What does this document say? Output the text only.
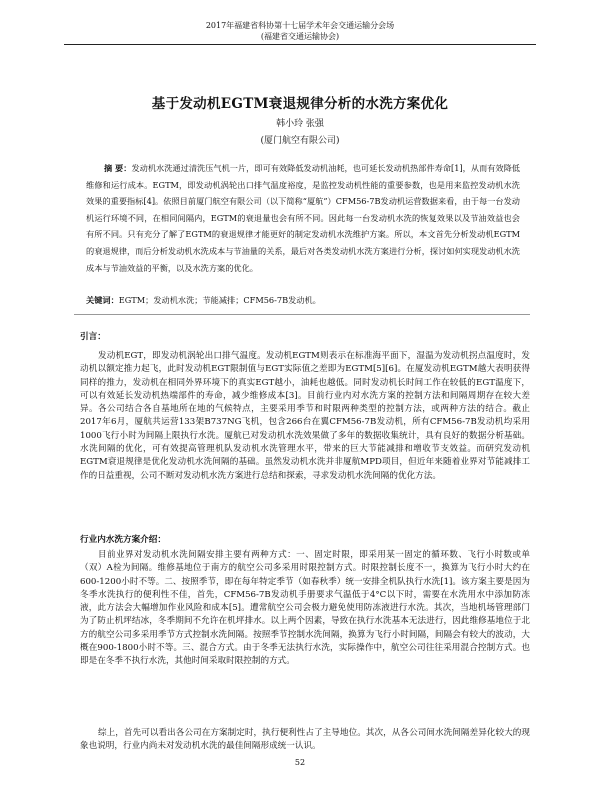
2017年福建省科协第十七届学术年会交通运输分会场
(福建省交通运输协会)
基于发动机EGTM衰退规律分析的水洗方案优化
韩小玲 张强
(厦门航空有限公司)
摘 要：发动机水洗通过清洗压气机一片，即可有效降低发动机油耗，也可延长发动机热部件寿命[1]，从而有效降低维修和运行成本。EGTM，即发动机涡轮出口排气温度裕度，是监控发动机性能的重要参数，也是用来监控发动机水洗效果的重要指标[4]。依照目前厦门航空有限公司（以下简称“厦航”）CFM56-7B发动机运营数据来看，由于每一台发动机运行环境不同，在相同间隔内，EGTM的衰退量也会有所不同。因此每一台发动机水洗的恢复效果以及节油效益也会有所不同。只有充分了解了EGTM的衰退规律才能更好的制定发动机水洗维护方案。所以，本文首先分析发动机EGTM的衰退规律，而后分析发动机水洗成本与节油量的关系，最后对各类发动机水洗方案进行分析，探讨如何实现发动机水洗成本与节油效益的平衡，以及水洗方案的优化。
关键词：EGTM；发动机水洗；节能减排；CFM56-7B发动机。
引言：
发动机EGT，即发动机涡轮出口排气温度。发动机EGTM则表示在标准海平面下，湿温为发动机拐点温度时，发动机以额定推力起飞，此时发动机EGT限制值与EGT实际值之差即为EGTM[5][6]。在厦发动机EGTM越大表明获得同样的推力，发动机在相同外界环境下的真实EGT越小，油耗也越低。同时发动机长时间工作在较低的EGT温度下，可以有效延长发动机热端部件的寿命，减少维修成本[3]。目前行业内对水洗方案的控制方法和间隔周期存在较大差异。各公司结合各自基地所在地的气候特点，主要采用季节和时限两种类型的控制方法，或两种方法的结合。截止2017年6月，厦航共运营133架B737NG飞机，包含266台在翼CFM56-7B发动机，所有CFM56-7B发动机均采用1000飞行小时为间隔上限执行水洗。厦航已对发动机水洗效果做了多年的数据收集统计，具有良好的数据分析基础。水洗间隔的优化，可有效提高管理机队发动机水洗管理水平，带来的巨大节能减排和增收节支效益。而研究发动机EGTM衰退规律是优化发动机水洗间隔的基础。虽然发动机水洗并非厦航MPD项目，但近年来随着业界对节能减排工作的日益重视，公司不断对发动机水洗方案进行总结和探索，寻求发动机水洗间隔的优化方法。
行业内水洗方案介绍：
目前业界对发动机水洗间隔安排主要有两种方式：一、固定时限，即采用某一固定的循环数、飞行小时数或单（双）A检为间隔。维修基地位于南方的航空公司多采用时限控制方式。时限控制长度不一，换算为飞行小时大约在600-1200小时不等。二、按照季节，即在每年特定季节（如春秋季）统一安排全机队执行水洗[1]。该方案主要是因为冬季水洗执行的便利性不佳，首先，CFM56-7B发动机手册要求气温低于4°C以下时，需要在水洗用水中添加防冻液，此方法会大幅增加作业风险和成本[5]。遭常航空公司会极力避免使用防冻液进行水洗。其次，当地机场管理部门为了防止机坪结冰，冬季期间不允许在机坪排水。以上两个因素，导致在执行水洗基本无法进行，因此维修基地位于北方的航空公司多采用季节方式控制水洗间隔。按照季节控制水洗间隔，换算为飞行小时间隔，间隔会有较大的波动，大概在900-1800小时不等。三、混合方式。由于冬季无法执行水洗，实际操作中，航空公司往往采用混合控制方式。也即是在冬季不执行水洗，其他时间采取时限控制的方式。
综上，首先可以看出各公司在方案制定时，执行便利性占了主导地位。其次，从各公司间水洗间隔差异化较大的现象也说明，行业内尚未对发动机水洗的最佳间隔形成统一认识。
52
